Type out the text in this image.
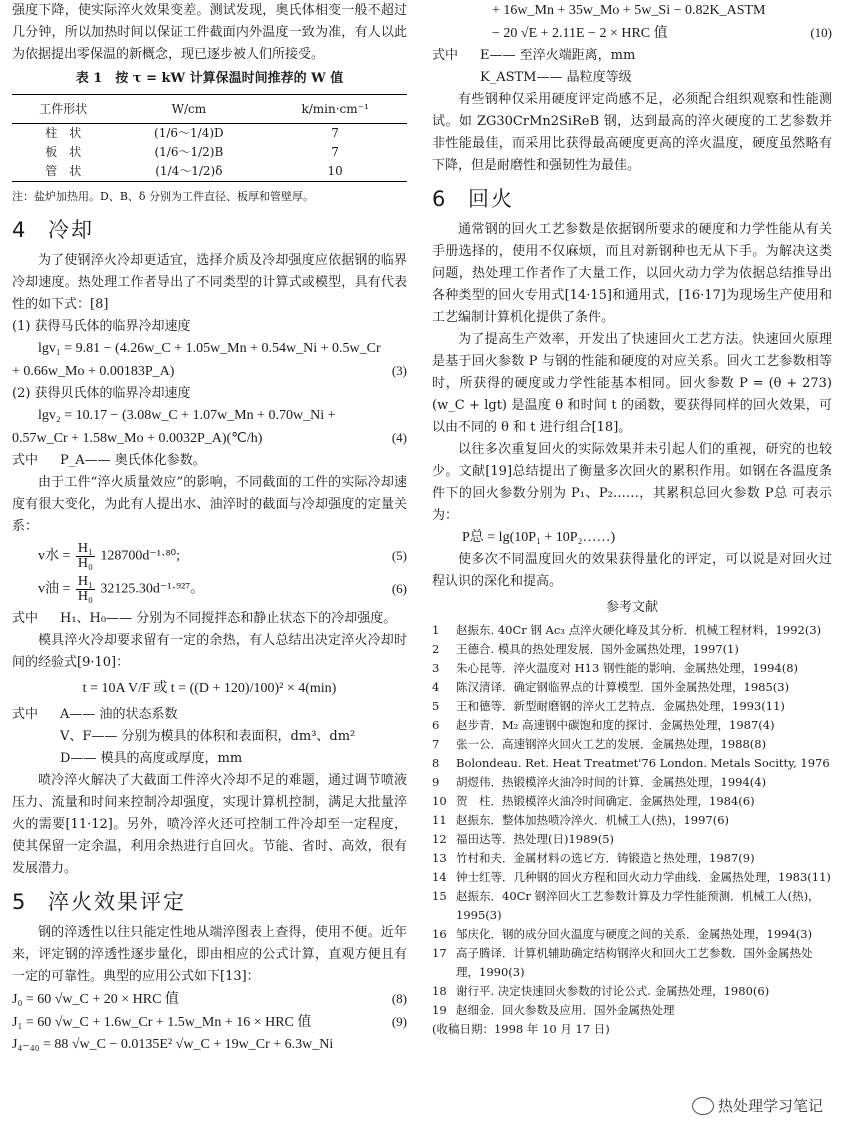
强度下降，使实际淬火效果变差。测试发现，奥氏体相变一般不超过几分钟，所以加热时间以保证工件截面内外温度一致为准，有人以此为依据提出零保温的新概念，现已逐步被人们所接受。

表 1　按 τ = kW 计算保温时间推荐的 W 值
工件形状	W/cm	k/min·cm⁻¹
柱　状	(1/6～1/4)D	7
板　状	(1/6～1/2)B	7
管　状	(1/4～1/2)δ	10
注：盐炉加热用。D、B、δ 分别为工件直径、板厚和管壁厚。
4 冷却

为了使钢淬火冷却更适宜，选择介质及冷却强度应依据钢的临界冷却速度。热处理工作者导出了不同类型的计算式或模型，具有代表性的如下式：[8]

(1) 获得马氏体的临界冷却速度
lgv₁ = 9.81 − (4.26w_C + 1.05w_Mn + 0.54w_Ni + 0.5w_Cr
+ 0.66w_Mo + 0.00183P_A)	(3)
(2) 获得贝氏体的临界冷却速度
lgv₂ = 10.17 − (3.08w_C + 1.07w_Mn + 0.70w_Ni +
0.57w_Cr + 1.58w_Mo + 0.0032P_A)(℃/h)	(4)
式中	P_A—— 奥氏体化参数。

由于工件“淬火质量效应”的影响，不同截面的工件的实际冷却速度有很大变化，为此有人提出水、油淬时的截面与冷却强度的定量关系：

v水 = $\frac{\text{H₁}}{\text{H₀}} 128700d^{-1}\cdot^{80}$;	(5)
v油 = $\frac{\text{H₁}}{\text{H₀}} 32125.30d^{-1}\cdot^{927}$。	(6)
式中	H₁、H₀—— 分别为不同搅拌态和静止状态下的冷却强度。

模具淬火冷却要求留有一定的余热，有人总结出决定淬火冷却时间的经验式[9·10]：

t = 10A V/F 或 t = ((D + 120)/100)² × 4(min)
式中	A—— 油的状态系数
V、F—— 分别为模具的体积和表面积，dm³、dm²
D—— 模具的高度或厚度，mm

喷冷淬火解决了大截面工件淬火冷却不足的难题，通过调节喷液压力、流量和时间来控制冷却强度，实现计算机控制，满足大批量淬火的需要[11·12]。另外，喷冷淬火还可控制工件冷却至一定程度，使其保留一定余温，利用余热进行自回火。节能、省时、高效，很有发展潜力。

5 淬火效果评定

钢的淬透性以往只能定性地从端淬图表上查得，使用不便。近年来，评定钢的淬透性逐步量化，即由相应的公式计算，直观方便且有一定的可靠性。典型的应用公式如下[13]：

J₀ = 60 √w_C + 20 × HRC 值	(8)
J₁ = 60 √w_C + 1.6w_Cr + 1.5w_Mn + 16 × HRC 值	(9)
J₄₋₄₀ = 88 √w_C − 0.0135E² √w_C + 19w_Cr + 6.3w_Ni
+ 16w_Mn + 35w_Mo + 5w_Si − 0.82K_ASTM
− 20 √E + 2.11E − 2 × HRC 值	(10)
式中	E—— 至淬火端距离，mm
K_ASTM—— 晶粒度等级

有些钢种仅采用硬度评定尚感不足，必须配合组织观察和性能测试。如 ZG30CrMn2SiReB 钢，达到最高的淬火硬度的工艺参数并非性能最佳，而采用比获得最高硬度更高的淬火温度，硬度虽然略有下降，但是耐磨性和强韧性为最佳。

6 回火

通常钢的回火工艺参数是依据钢所要求的硬度和力学性能从有关手册选择的，使用不仅麻烦，而且对新钢种也无从下手。为解决这类问题，热处理工作者作了大量工作，以回火动力学为依据总结推导出各种类型的回火专用式[14·15]和通用式，[16·17]为现场生产使用和工艺编制计算机化提供了条件。

为了提高生产效率，开发出了快速回火工艺方法。快速回火原理是基于回火参数 P 与钢的性能和硬度的对应关系。回火工艺参数相等时，所获得的硬度或力学性能基本相同。回火参数 P = (θ + 273)(w_C + lgt) 是温度 θ 和时间 t 的函数，要获得同样的回火效果，可以由不同的 θ 和 t 进行组合[18]。

以往多次重复回火的实际效果并未引起人们的重视，研究的也较少。文献[19]总结提出了衡量多次回火的累积作用。如钢在各温度条件下的回火参数分别为 P₁、P₂……，其累积总回火参数 P总 可表示为：

P总 = lg(10P₁ + 10P₂……)

使多次不同温度回火的效果获得量化的评定，可以说是对回火过程认识的深化和提高。

参考文献
1	赵振东. 40Cr 钢 Ac₃ 点淬火硬化峰及其分析．机械工程材料，1992(3)
2	王德合. 模具的热处理发展．国外金属热处理，1997(1)
3	朱心昆等．淬火温度对 H13 钢性能的影响．金属热处理，1994(8)
4	陈汉清译．确定钢临界点的计算模型．国外金属热处理，1985(3)
5	王和德等．新型耐磨钢的淬火工艺特点．金属热处理，1993(11)
6	赵步青．M₂ 高速钢中碳饱和度的探讨．金属热处理，1987(4)
7	张一公．高速钢淬火回火工艺的发展．金属热处理，1988(8)
8	Bolondeau. Ret. Heat Treatmet'76 London. Metals Socitty, 1976
9	胡煜伟．热锻模淬火油冷时间的计算．金属热处理，1994(4)
10 贺　柱．热锻模淬火油冷时间确定．金属热处理，1984(6)
11 赵振东．整体加热喷冷淬火．机械工人(热)，1997(6)
12 福田达等．热处理(日)1989(5)
13 竹村和夫．金属材料の选ビ方．铸锻造と热处理，1987(9)
14 钟士红等．几种钢的回火方程和回火动力学曲线．金属热处理，1983(11)
15 赵振东．40Cr 钢淬回火工艺参数计算及力学性能预测．机械工人(热)，1995(3)
16 邹庆化．钢的成分回火温度与硬度之间的关系．金属热处理，1994(3)
17 高子腾译．计算机辅助确定结构钢淬火和回火工艺参数．国外金属热处理，1990(3)
18 谢行平. 决定快速回火参数的讨论公式. 金属热处理，1980(6)
19 赵细金．回火参数及应用．国外金属热处理
(收稿日期：1998 年 10 月 17 日)
热处理学习笔记
